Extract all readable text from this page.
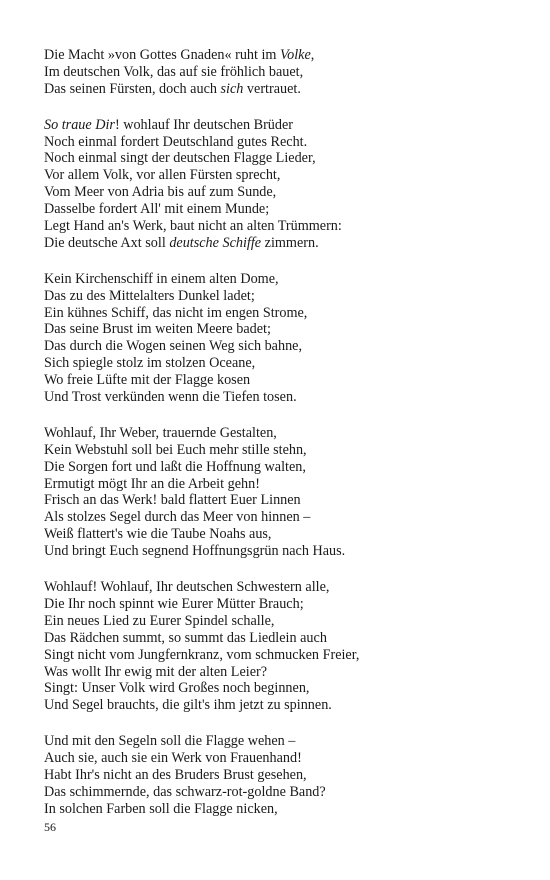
Die Macht »von Gottes Gnaden« ruht im Volke,
Im deutschen Volk, das auf sie fröhlich bauet,
Das seinen Fürsten, doch auch sich vertrauet.
So traue Dir! wohlauf Ihr deutschen Brüder
Noch einmal fordert Deutschland gutes Recht.
Noch einmal singt der deutschen Flagge Lieder,
Vor allem Volk, vor allen Fürsten sprecht,
Vom Meer von Adria bis auf zum Sunde,
Dasselbe fordert All' mit einem Munde;
Legt Hand an's Werk, baut nicht an alten Trümmern:
Die deutsche Axt soll deutsche Schiffe zimmern.
Kein Kirchenschiff in einem alten Dome,
Das zu des Mittelalters Dunkel ladet;
Ein kühnes Schiff, das nicht im engen Strome,
Das seine Brust im weiten Meere badet;
Das durch die Wogen seinen Weg sich bahne,
Sich spiegle stolz im stolzen Oceane,
Wo freie Lüfte mit der Flagge kosen
Und Trost verkünden wenn die Tiefen tosen.
Wohlauf, Ihr Weber, trauernde Gestalten,
Kein Webstuhl soll bei Euch mehr stille stehn,
Die Sorgen fort und laßt die Hoffnung walten,
Ermutigt mögt Ihr an die Arbeit gehn!
Frisch an das Werk! bald flattert Euer Linnen
Als stolzes Segel durch das Meer von hinnen –
Weiß flattert's wie die Taube Noahs aus,
Und bringt Euch segnend Hoffnungsgrün nach Haus.
Wohlauf! Wohlauf, Ihr deutschen Schwestern alle,
Die Ihr noch spinnt wie Eurer Mütter Brauch;
Ein neues Lied zu Eurer Spindel schalle,
Das Rädchen summt, so summt das Liedlein auch
Singt nicht vom Jungfernkranz, vom schmucken Freier,
Was wollt Ihr ewig mit der alten Leier?
Singt: Unser Volk wird Großes noch beginnen,
Und Segel brauchts, die gilt's ihm jetzt zu spinnen.
Und mit den Segeln soll die Flagge wehen –
Auch sie, auch sie ein Werk von Frauenhand!
Habt Ihr's nicht an des Bruders Brust gesehen,
Das schimmernde, das schwarz-rot-goldne Band?
In solchen Farben soll die Flagge nicken,
56
